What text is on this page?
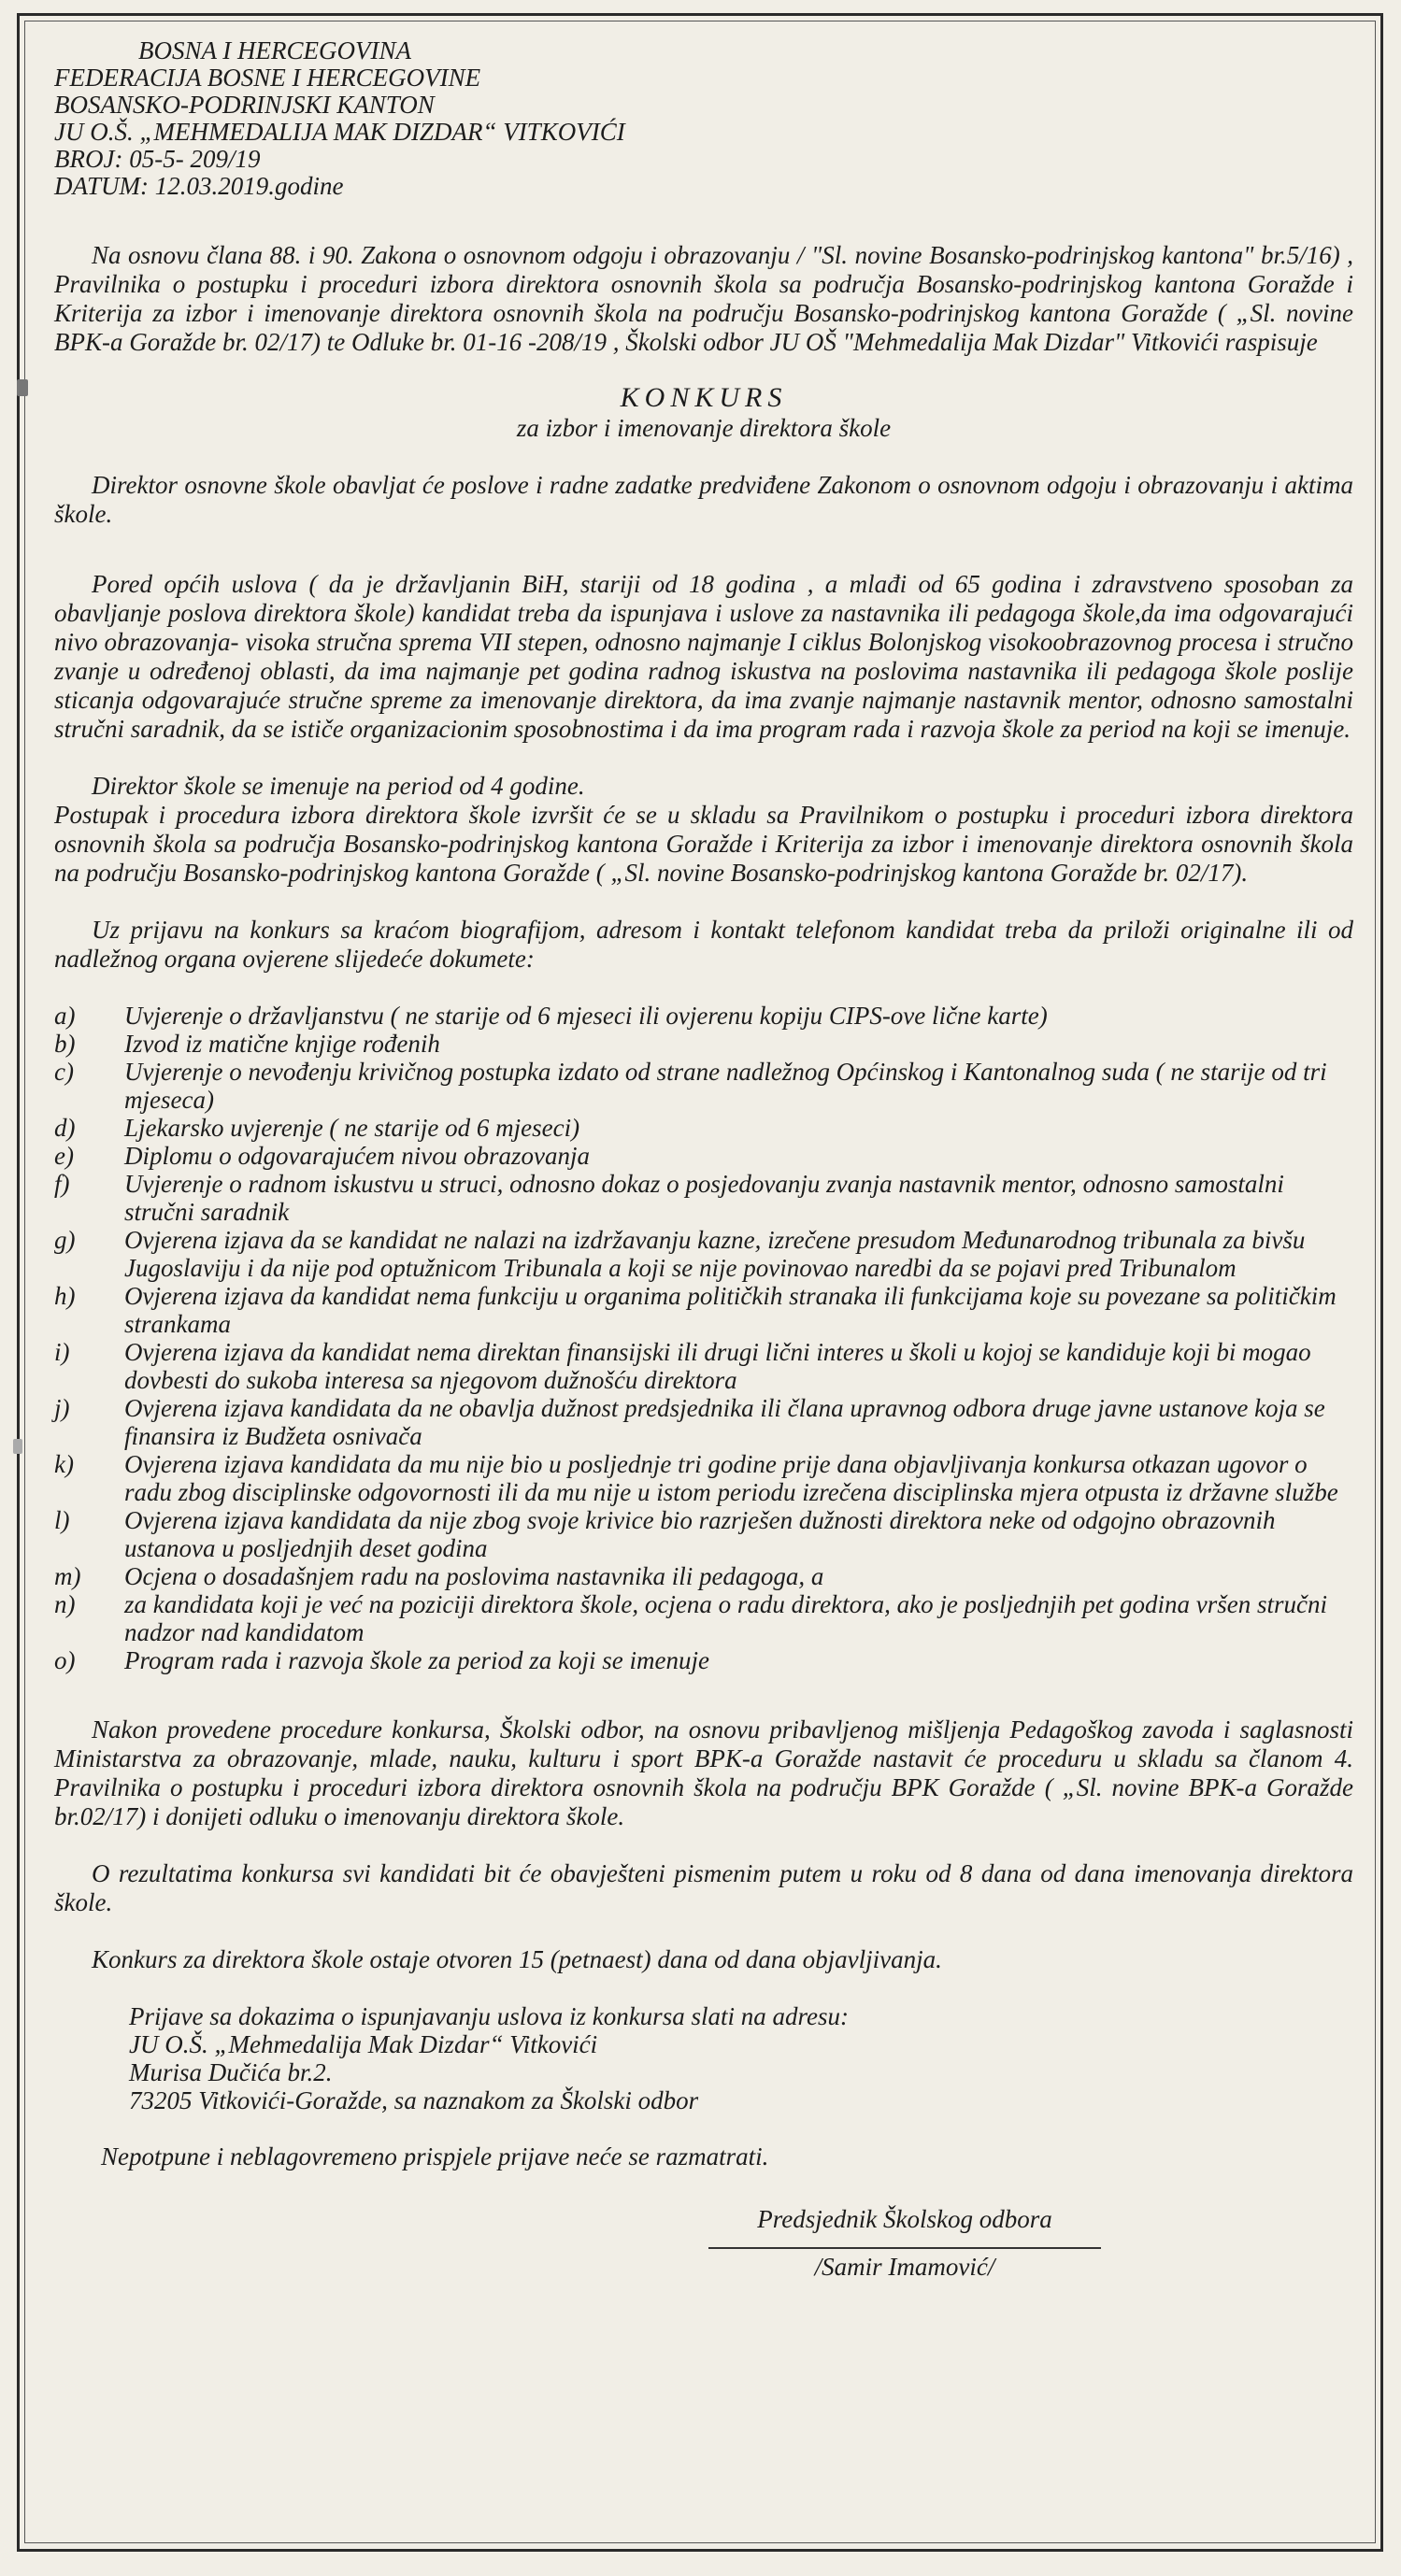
BOSNA I HERCEGOVINA

FEDERACIJA BOSNE I HERCEGOVINE

BOSANSKO-PODRINJSKI KANTON

JU O.Š. „MEHMEDALIJA MAK DIZDAR“ VITKOVIĆI

BROJ: 05-5- 209/19

DATUM: 12.03.2019.godine

Na osnovu člana 88. i 90. Zakona o osnovnom odgoju i obrazovanju / "Sl. novine Bosansko-podrinjskog kantona" br.5/16) , Pravilnika o postupku i proceduri izbora direktora osnovnih škola sa područja Bosansko-podrinjskog kantona Goražde i Kriterija za izbor i imenovanje direktora osnovnih škola na području Bosansko-podrinjskog kantona Goražde ( „Sl. novine BPK-a Goražde br. 02/17) te Odluke br. 01-16 -208/19 , Školski odbor JU OŠ "Mehmedalija Mak Dizdar" Vitkovići raspisuje

KONKURS
za izbor i imenovanje direktora škole

Direktor osnovne škole obavljat će poslove i radne zadatke predviđene Zakonom o osnovnom odgoju i obrazovanju i aktima škole.

Pored općih uslova ( da je državljanin BiH, stariji od 18 godina , a mlađi od 65 godina i zdravstveno sposoban za obavljanje poslova direktora škole) kandidat treba da ispunjava i uslove za nastavnika ili pedagoga škole,da ima odgovarajući nivo obrazovanja- visoka stručna sprema VII stepen, odnosno najmanje I ciklus Bolonjskog visokoobrazovnog procesa i stručno zvanje u određenoj oblasti, da ima najmanje pet godina radnog iskustva na poslovima nastavnika ili pedagoga škole poslije sticanja odgovarajuće stručne spreme za imenovanje direktora, da ima zvanje najmanje nastavnik mentor, odnosno samostalni stručni saradnik, da se ističe organizacionim sposobnostima i da ima program rada i razvoja škole za period na koji se imenuje.

Direktor škole se imenuje na period od 4 godine.

Postupak i procedura izbora direktora škole izvršit će se u skladu sa Pravilnikom o postupku i proceduri izbora direktora osnovnih škola sa područja Bosansko-podrinjskog kantona Goražde i Kriterija za izbor i imenovanje direktora osnovnih škola na području Bosansko-podrinjskog kantona Goražde ( „Sl. novine Bosansko-podrinjskog kantona Goražde br. 02/17).

Uz prijavu na konkurs sa kraćom biografijom, adresom i kontakt telefonom kandidat treba da priloži originalne ili od nadležnog organa ovjerene slijedeće dokumete:

a)	Uvjerenje o državljanstvu ( ne starije od 6 mjeseci ili ovjerenu kopiju CIPS-ove lične karte)
b)	Izvod iz matične knjige rođenih
c)	Uvjerenje o nevođenju krivičnog postupka izdato od strane nadležnog Općinskog i Kantonalnog suda ( ne starije od tri mjeseca)
d)	Ljekarsko uvjerenje ( ne starije od 6 mjeseci)
e)	Diplomu o odgovarajućem nivou obrazovanja
f)	Uvjerenje o radnom iskustvu u struci, odnosno dokaz o posjedovanju zvanja nastavnik mentor, odnosno samostalni stručni saradnik
g)	Ovjerena izjava da se kandidat ne nalazi na izdržavanju kazne, izrečene presudom Međunarodnog tribunala za bivšu Jugoslaviju i da nije pod optužnicom Tribunala a koji se nije povinovao naredbi da se pojavi pred Tribunalom
h)	Ovjerena izjava da kandidat nema funkciju u organima političkih stranaka ili funkcijama koje su povezane sa političkim strankama
i)	Ovjerena izjava da kandidat nema direktan finansijski ili drugi lični interes u školi u kojoj se kandiduje koji bi mogao dovbesti do sukoba interesa sa njegovom dužnošću direktora
j)	Ovjerena izjava kandidata da ne obavlja dužnost predsjednika ili člana upravnog odbora druge javne ustanove koja se finansira iz Budžeta osnivača
k)	Ovjerena izjava kandidata da mu nije bio u posljednje tri godine prije dana objavljivanja konkursa otkazan ugovor o radu zbog disciplinske odgovornosti ili da mu nije u istom periodu izrečena disciplinska mjera otpusta iz državne službe
l)	Ovjerena izjava kandidata da nije zbog svoje krivice bio razrješen dužnosti direktora neke od odgojno obrazovnih ustanova u posljednjih deset godina
m)	Ocjena o dosadašnjem radu na poslovima nastavnika ili pedagoga, a
n)	za kandidata koji je već na poziciji direktora škole, ocjena o radu direktora, ako je posljednjih pet godina vršen stručni nadzor nad kandidatom
o)	Program rada i razvoja škole za period za koji se imenuje

Nakon provedene procedure konkursa, Školski odbor, na osnovu pribavljenog mišljenja Pedagoškog zavoda i saglasnosti Ministarstva za obrazovanje, mlade, nauku, kulturu i sport BPK-a Goražde nastavit će proceduru u skladu sa članom 4. Pravilnika o postupku i proceduri izbora direktora osnovnih škola na području BPK Goražde ( „Sl. novine BPK-a Goražde br.02/17) i donijeti odluku o imenovanju direktora škole.

O rezultatima konkursa svi kandidati bit će obavješteni pismenim putem u roku od 8 dana od dana imenovanja direktora škole.

Konkurs za direktora škole ostaje otvoren 15 (petnaest) dana od dana objavljivanja.

Prijave sa dokazima o ispunjavanju uslova iz konkursa slati na adresu:

JU O.Š. „Mehmedalija Mak Dizdar“ Vitkovići

Murisa Dučića br.2.

73205 Vitkovići-Goražde, sa naznakom za Školski odbor

Nepotpune i neblagovremeno prispjele prijave neće se razmatrati.

Predsjednik Školskog odbora
/Samir Imamović/
